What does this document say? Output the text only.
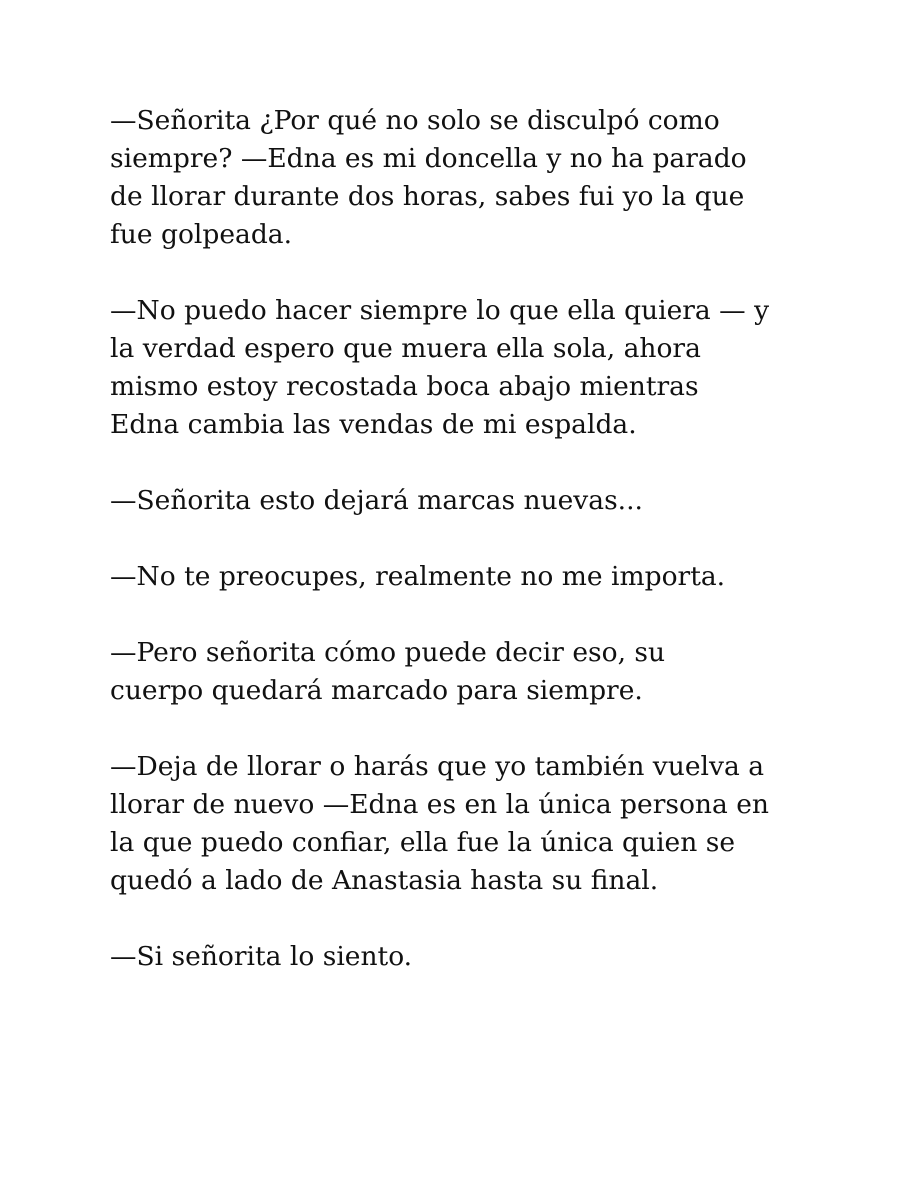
—Señorita ¿Por qué no solo se disculpó como
siempre? —Edna es mi doncella y no ha parado
de llorar durante dos horas, sabes fui yo la que
fue golpeada.

—No puedo hacer siempre lo que ella quiera — y
la verdad espero que muera ella sola, ahora
mismo estoy recostada boca abajo mientras
Edna cambia las vendas de mi espalda.

—Señorita esto dejará marcas nuevas...

—No te preocupes, realmente no me importa.

—Pero señorita cómo puede decir eso, su
cuerpo quedará marcado para siempre.

—Deja de llorar o harás que yo también vuelva a
llorar de nuevo —Edna es en la única persona en
la que puedo confiar, ella fue la única quien se
quedó a lado de Anastasia hasta su final.

—Si señorita lo siento.
